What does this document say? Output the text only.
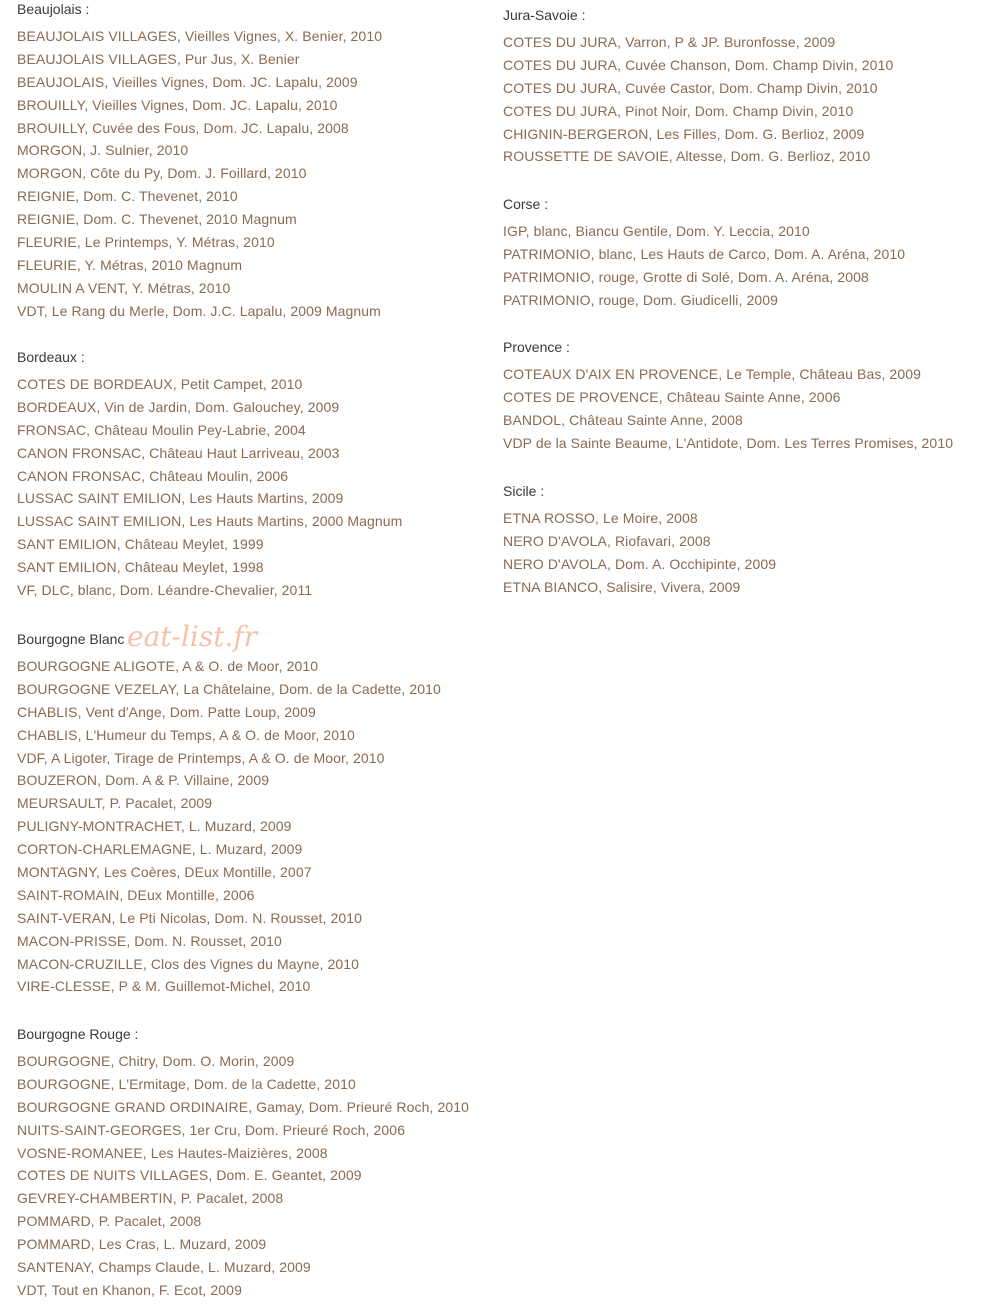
Beaujolais :
BEAUJOLAIS VILLAGES, Vieilles Vignes, X. Benier, 2010
BEAUJOLAIS VILLAGES, Pur Jus, X. Benier
BEAUJOLAIS, Vieilles Vignes, Dom. JC. Lapalu, 2009
BROUILLY, Vieilles Vignes, Dom. JC. Lapalu, 2010
BROUILLY, Cuvée des Fous, Dom. JC. Lapalu, 2008
MORGON, J. Sulnier, 2010
MORGON, Côte du Py, Dom. J. Foillard, 2010
REIGNIE, Dom. C. Thevenet, 2010
REIGNIE, Dom. C. Thevenet, 2010 Magnum
FLEURIE, Le Printemps, Y. Métras, 2010
FLEURIE, Y. Métras, 2010 Magnum
MOULIN A VENT, Y. Métras, 2010
VDT, Le Rang du Merle, Dom. J.C. Lapalu, 2009 Magnum
Bordeaux :
COTES DE BORDEAUX, Petit Campet, 2010
BORDEAUX, Vin de Jardin, Dom. Galouchey, 2009
FRONSAC, Château Moulin Pey-Labrie, 2004
CANON FRONSAC, Château Haut Larriveau, 2003
CANON FRONSAC, Château Moulin, 2006
LUSSAC SAINT EMILION, Les Hauts Martins, 2009
LUSSAC SAINT EMILION, Les Hauts Martins, 2000 Magnum
SANT EMILION, Château Meylet, 1999
SANT EMILION, Château Meylet, 1998
VF, DLC, blanc, Dom. Léandre-Chevalier, 2011
Bourgogne Blanc
BOURGOGNE ALIGOTE, A & O. de Moor, 2010
BOURGOGNE VEZELAY, La Châtelaine, Dom. de la Cadette, 2010
CHABLIS, Vent d'Ange, Dom. Patte Loup, 2009
CHABLIS, L'Humeur du Temps, A & O. de Moor, 2010
VDF, A Ligoter, Tirage de Printemps, A & O. de Moor, 2010
BOUZERON, Dom. A & P. Villaine, 2009
MEURSAULT, P. Pacalet, 2009
PULIGNY-MONTRACHET, L. Muzard, 2009
CORTON-CHARLEMAGNE, L. Muzard, 2009
MONTAGNY, Les Coères, DEux Montille, 2007
SAINT-ROMAIN, DEux Montille, 2006
SAINT-VERAN, Le Pti Nicolas, Dom. N. Rousset, 2010
MACON-PRISSE, Dom. N. Rousset, 2010
MACON-CRUZILLE, Clos des Vignes du Mayne, 2010
VIRE-CLESSE, P & M. Guillemot-Michel, 2010
Bourgogne Rouge :
BOURGOGNE, Chitry, Dom. O. Morin, 2009
BOURGOGNE, L'Ermitage, Dom. de la Cadette, 2010
BOURGOGNE GRAND ORDINAIRE, Gamay, Dom. Prieuré Roch, 2010
NUITS-SAINT-GEORGES, 1er Cru, Dom. Prieuré Roch, 2006
VOSNE-ROMANEE, Les Hautes-Maizières, 2008
COTES DE NUITS VILLAGES, Dom. E. Geantet, 2009
GEVREY-CHAMBERTIN, P. Pacalet, 2008
POMMARD, P. Pacalet, 2008
POMMARD, Les Cras, L. Muzard, 2009
SANTENAY, Champs Claude, L. Muzard, 2009
VDT, Tout en Khanon, F. Ecot, 2009
Jura-Savoie :
COTES DU JURA, Varron, P & JP. Buronfosse, 2009
COTES DU JURA, Cuvée Chanson, Dom. Champ Divin, 2010
COTES DU JURA, Cuvée Castor, Dom. Champ Divin, 2010
COTES DU JURA, Pinot Noir, Dom. Champ Divin, 2010
CHIGNIN-BERGERON, Les Filles, Dom. G. Berlioz, 2009
ROUSSETTE DE SAVOIE, Altesse, Dom. G. Berlioz, 2010
Corse :
IGP, blanc, Biancu Gentile, Dom. Y. Leccia, 2010
PATRIMONIO, blanc, Les Hauts de Carco, Dom. A. Aréna, 2010
PATRIMONIO, rouge, Grotte di Solé, Dom. A. Aréna, 2008
PATRIMONIO, rouge, Dom. Giudicelli, 2009
Provence :
COTEAUX D'AIX EN PROVENCE, Le Temple, Château Bas, 2009
COTES DE PROVENCE, Château Sainte Anne, 2006
BANDOL, Château Sainte Anne, 2008
VDP de la Sainte Beaume, L'Antidote, Dom. Les Terres Promises, 2010
Sicile :
ETNA ROSSO, Le Moire, 2008
NERO D'AVOLA, Riofavari, 2008
NERO D'AVOLA, Dom. A. Occhipinte, 2009
ETNA BIANCO, Salisire, Vivera, 2009
eat-list.fr
